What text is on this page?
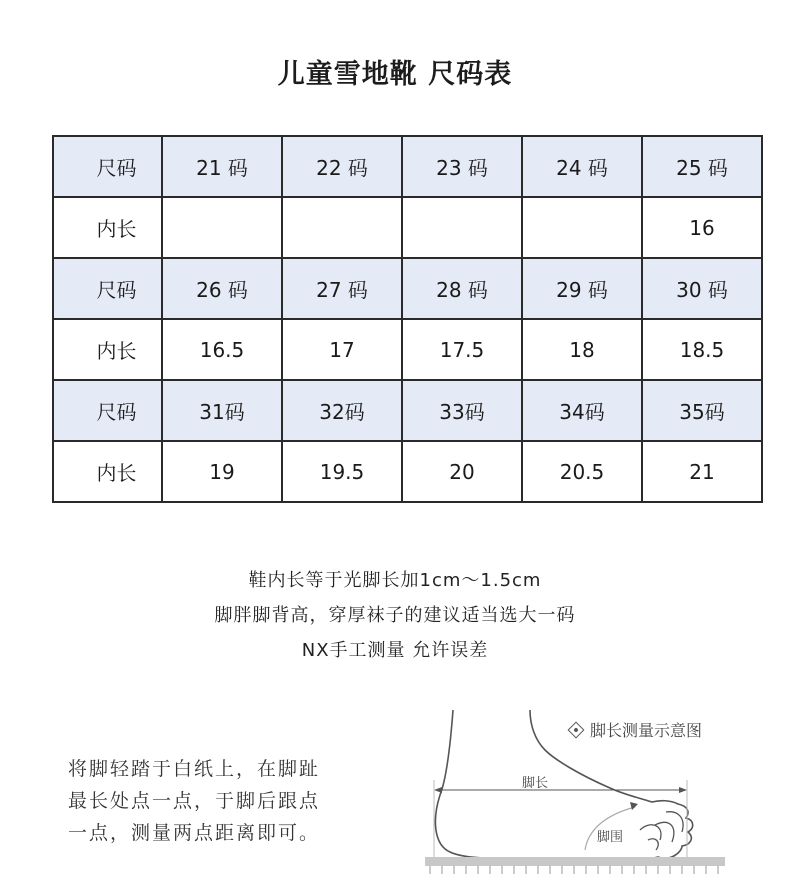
儿童雪地靴 尺码表
尺码	21 码	22 码	23 码	24 码	25 码
内长					16
尺码	26 码	27 码	28 码	29 码	30 码
内长	16.5	17	17.5	18	18.5
尺码	31码	32码	33码	34码	35码
内长	19	19.5	20	20.5	21
鞋内长等于光脚长加1cm～1.5cm
脚胖脚背高，穿厚袜子的建议适当选大一码
NX手工测量 允许误差
将脚轻踏于白纸上，在脚趾
最长处点一点，于脚后跟点
一点，测量两点距离即可。
脚长测量示意图
脚长
脚围
